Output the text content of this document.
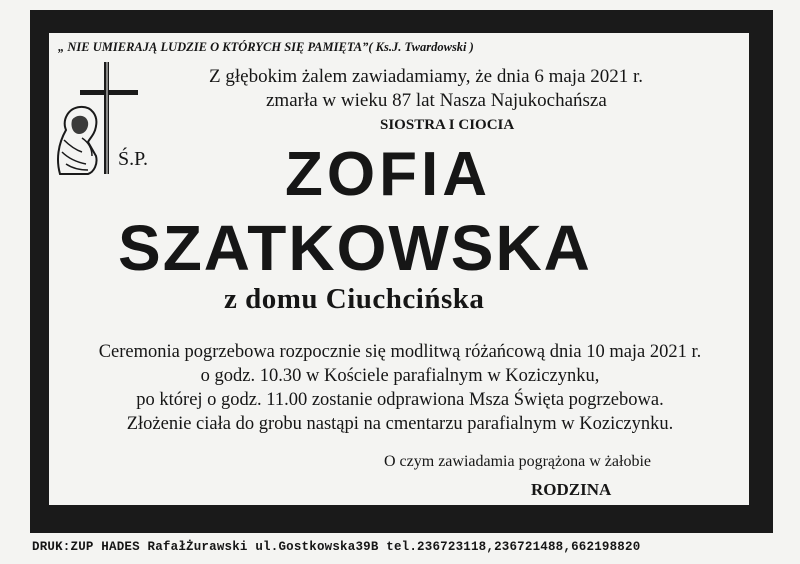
„ NIE UMIERAJĄ LUDZIE O KTÓRYCH SIĘ PAMIĘTA”( Ks.J. Twardowski )
Z głębokim żalem zawiadamiamy, że dnia 6 maja 2021 r.
zmarła w wieku 87 lat Nasza Najukochańsza
SIOSTRA I CIOCIA
Ś.P. ZOFIA
SZATKOWSKA
z domu Ciuchcińska
Ceremonia pogrzebowa rozpocznie się modlitwą różańcową dnia 10 maja 2021 r.
o godz. 10.30 w Kościele parafialnym w Koziczynku,
po której o godz. 11.00 zostanie odprawiona Msza Święta pogrzebowa.
Złożenie ciała do grobu nastąpi na cmentarzu parafialnym w Koziczynku.
O czym zawiadamia pogrążona w żałobie
RODZINA
DRUK:ZUP HADES RafałŻurawski ul.Gostkowska39B tel.236723118,236721488,662198820
